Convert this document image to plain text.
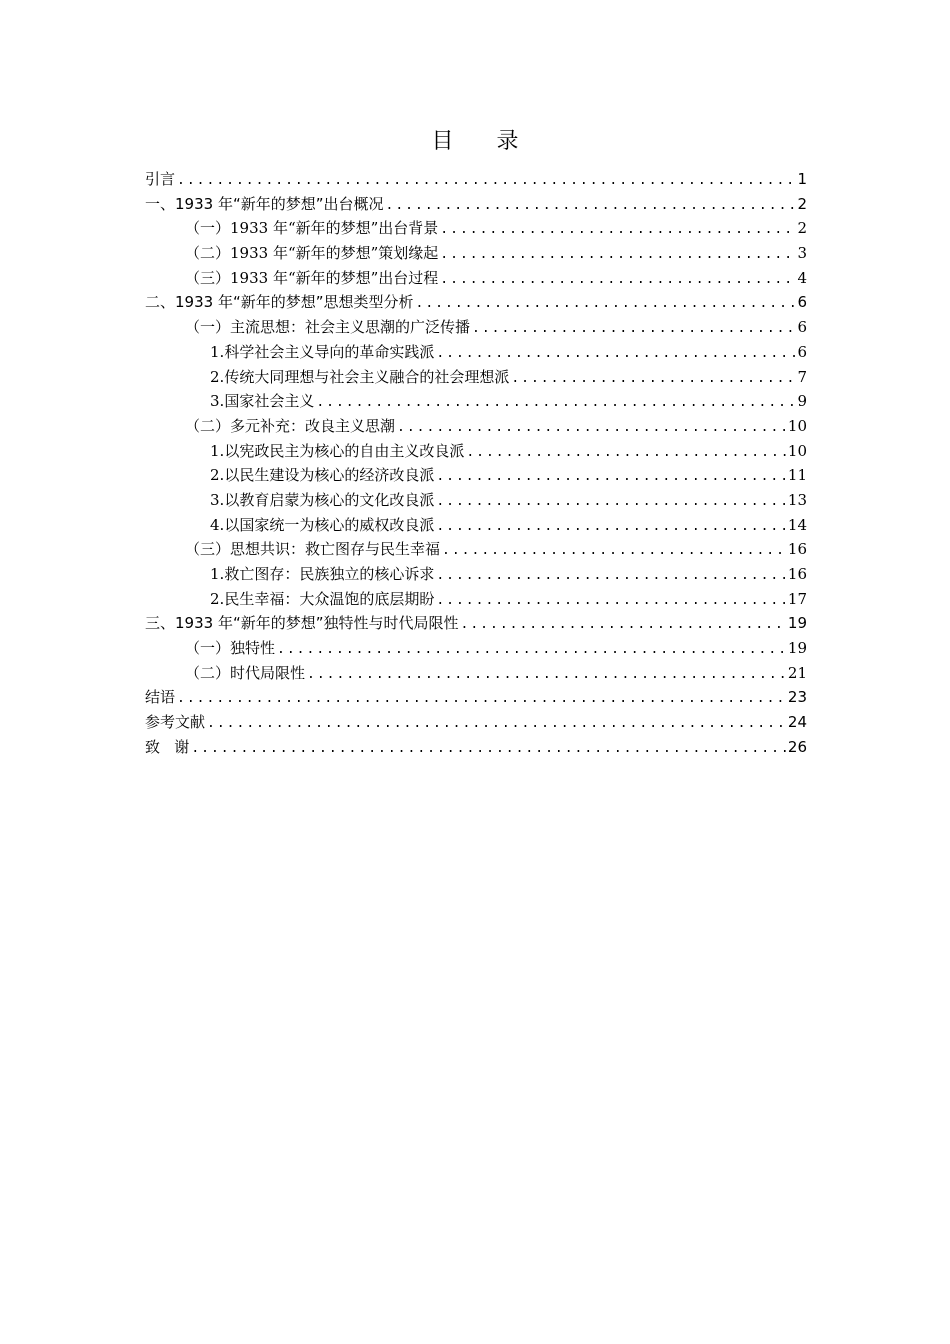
目 录
引言 .....	1
一、 1933 年“新年的梦想”出台概况 .....	2
（一） 1933 年“新年的梦想”出台背景 .....	2
（二） 1933 年“新年的梦想”策划缘起 .....	3
（三） 1933 年“新年的梦想”出台过程 .....	4
二、 1933 年“新年的梦想”思想类型分析 .....	6
（一） 主流思想：社会主义思潮的广泛传播 .....	6
1. 科学社会主义导向的革命实践派 .....	6
2. 传统大同理想与社会主义融合的社会理想派 .....	7
3. 国家社会主义 .....	9
（二） 多元补充：改良主义思潮 .....	10
1. 以宪政民主为核心的自由主义改良派 .....	10
2. 以民生建设为核心的经济改良派 .....	11
3. 以教育启蒙为核心的文化改良派 .....	13
4. 以国家统一为核心的威权改良派 .....	14
（三） 思想共识：救亡图存与民生幸福 .....	16
1. 救亡图存：民族独立的核心诉求 .....	16
2. 民生幸福：大众温饱的底层期盼 .....	17
三、 1933 年“新年的梦想”独特性与时代局限性 .....	19
（一） 独特性 .....	19
（二） 时代局限性 .....	21
结语 .....	23
参考文献 .....	24
致   谢 .....	26
